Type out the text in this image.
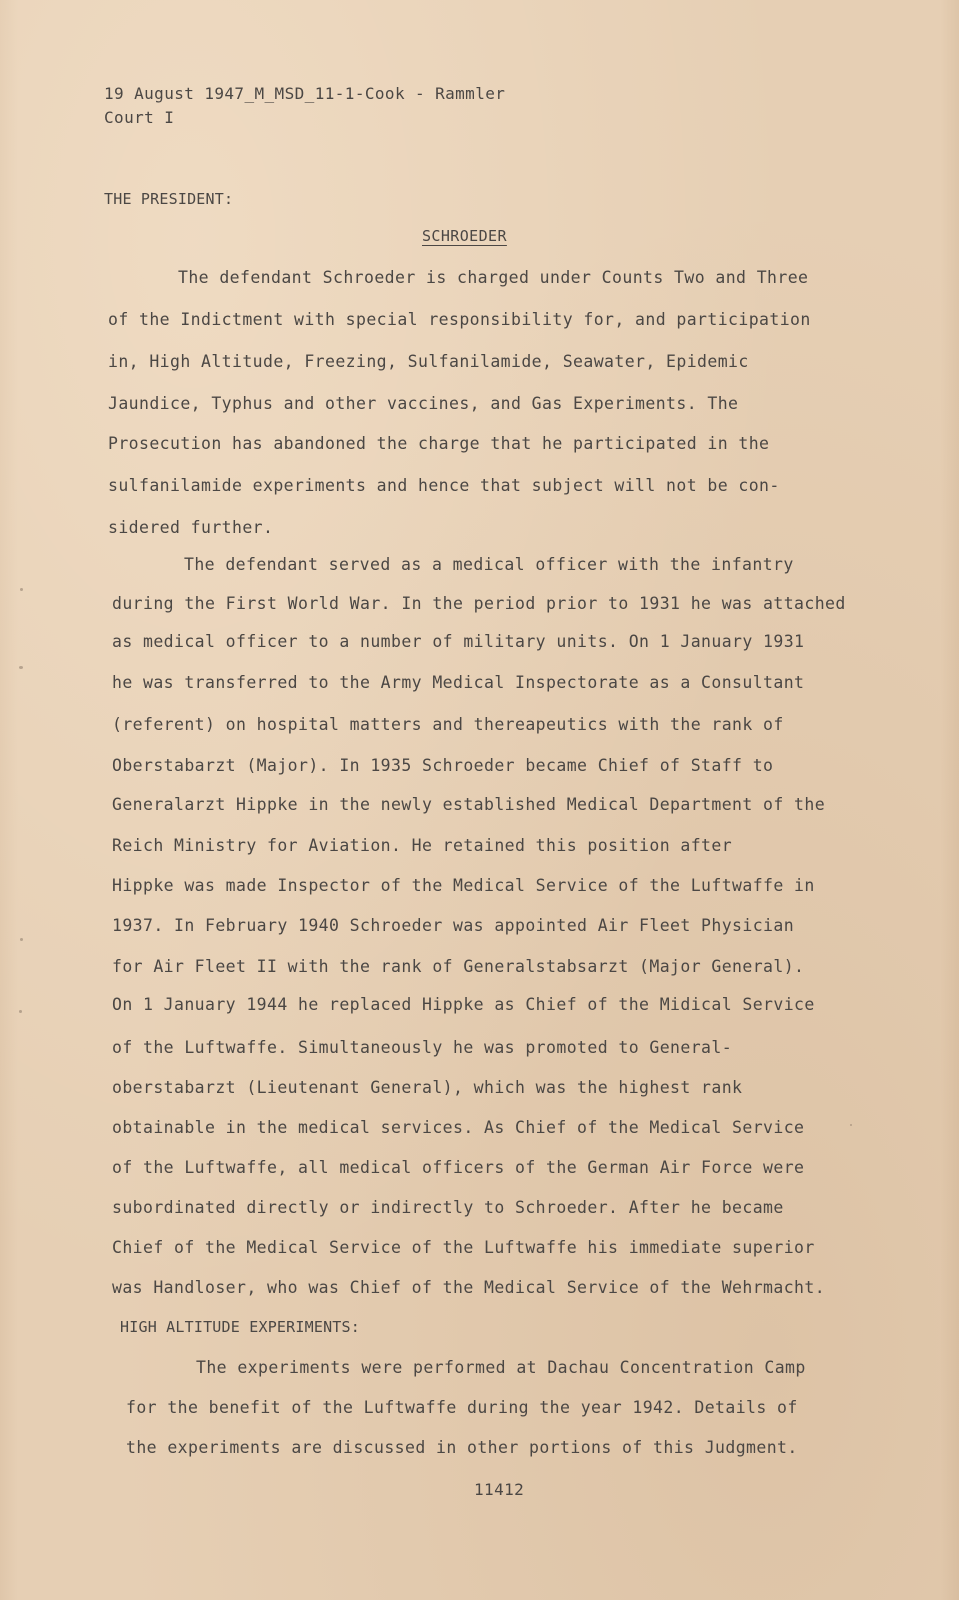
19 August 1947_M_MSD_11-1-Cook - Rammler
Court I
THE PRESIDENT:
SCHROEDER
The defendant Schroeder is charged under Counts Two and Three
of the Indictment with special responsibility for, and participation
in, High Altitude, Freezing, Sulfanilamide, Seawater, Epidemic
Jaundice, Typhus and other vaccines, and Gas Experiments. The
Prosecution has abandoned the charge that he participated in the
sulfanilamide experiments and hence that subject will not be con-
sidered further.
The defendant served as a medical officer with the infantry
during the First World War. In the period prior to 1931 he was attached
as medical officer to a number of military units. On 1 January 1931
he was transferred to the Army Medical Inspectorate as a Consultant
(referent) on hospital matters and thereapeutics with the rank of
Oberstabarzt (Major). In 1935 Schroeder became Chief of Staff to
Generalarzt Hippke in the newly established Medical Department of the
Reich Ministry for Aviation. He retained this position after
Hippke was made Inspector of the Medical Service of the Luftwaffe in
1937. In February 1940 Schroeder was appointed Air Fleet Physician
for Air Fleet II with the rank of Generalstabsarzt (Major General).
On 1 January 1944 he replaced Hippke as Chief of the Midical Service
of the Luftwaffe. Simultaneously he was promoted to General-
oberstabarzt (Lieutenant General), which was the highest rank
obtainable in the medical services. As Chief of the Medical Service
of the Luftwaffe, all medical officers of the German Air Force were
subordinated directly or indirectly to Schroeder. After he became
Chief of the Medical Service of the Luftwaffe his immediate superior
was Handloser, who was Chief of the Medical Service of the Wehrmacht.
HIGH ALTITUDE EXPERIMENTS:
The experiments were performed at Dachau Concentration Camp
for the benefit of the Luftwaffe during the year 1942. Details of
the experiments are discussed in other portions of this Judgment.
11412
